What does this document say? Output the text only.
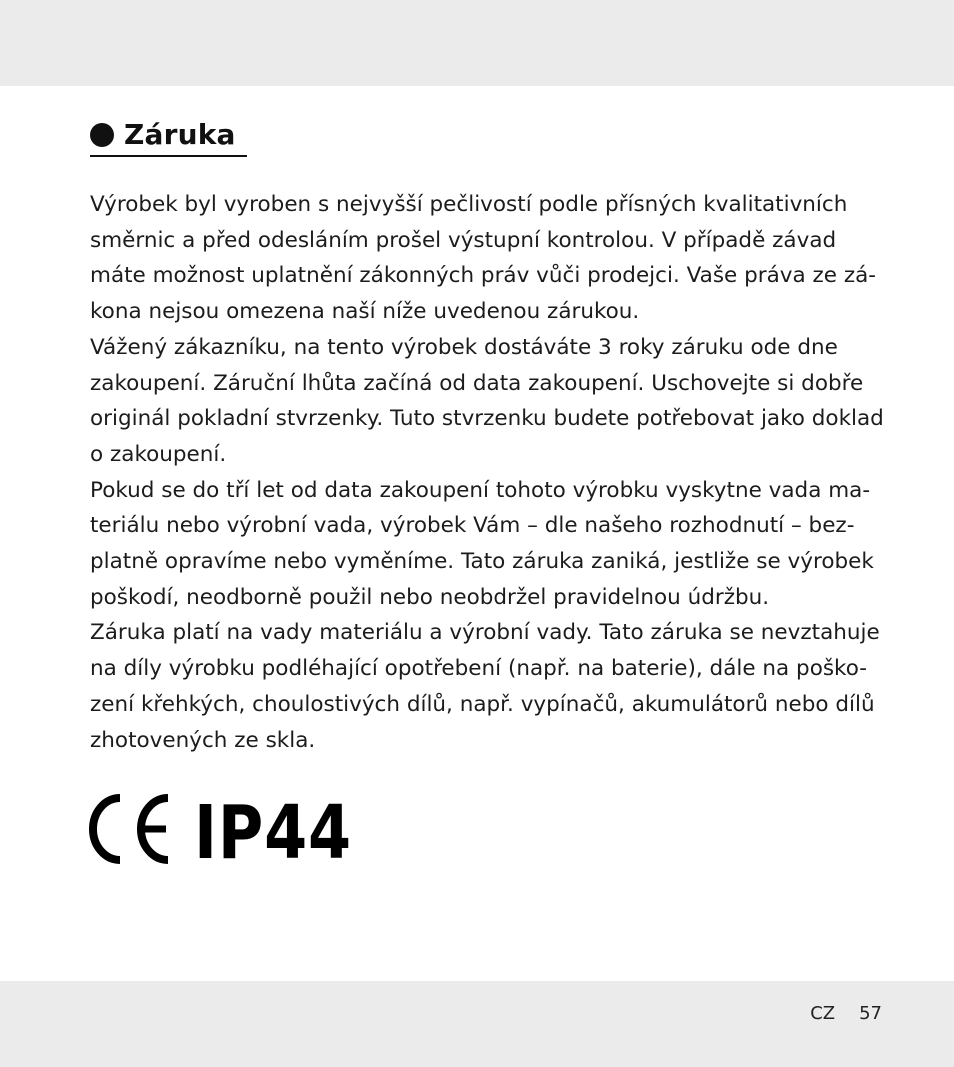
Záruka

Výrobek byl vyroben s nejvyšší pečlivostí podle přísných kvalitativních
směrnic a před odesláním prošel výstupní kontrolou. V případě závad
máte možnost uplatnění zákonných práv vůči prodejci. Vaše práva ze zá-
kona nejsou omezena naší níže uvedenou zárukou.

Vážený zákazníku, na tento výrobek dostáváte 3 roky záruku ode dne
zakoupení. Záruční lhůta začíná od data zakoupení. Uschovejte si dobře
originál pokladní stvrzenky. Tuto stvrzenku budete potřebovat jako doklad
o zakoupení.

Pokud se do tří let od data zakoupení tohoto výrobku vyskytne vada ma-
teriálu nebo výrobní vada, výrobek Vám – dle našeho rozhodnutí – bez-
platně opravíme nebo vyměníme. Tato záruka zaniká, jestliže se výrobek
poškodí, neodborně použil nebo neobdržel pravidelnou údržbu.

Záruka platí na vady materiálu a výrobní vady. Tato záruka se nevztahuje
na díly výrobku podléhající opotřebení (např. na baterie), dále na poško-
zení křehkých, choulostivých dílů, např. vypínačů, akumulátorů nebo dílů
zhotovených ze skla.

IP44
CZ 57
